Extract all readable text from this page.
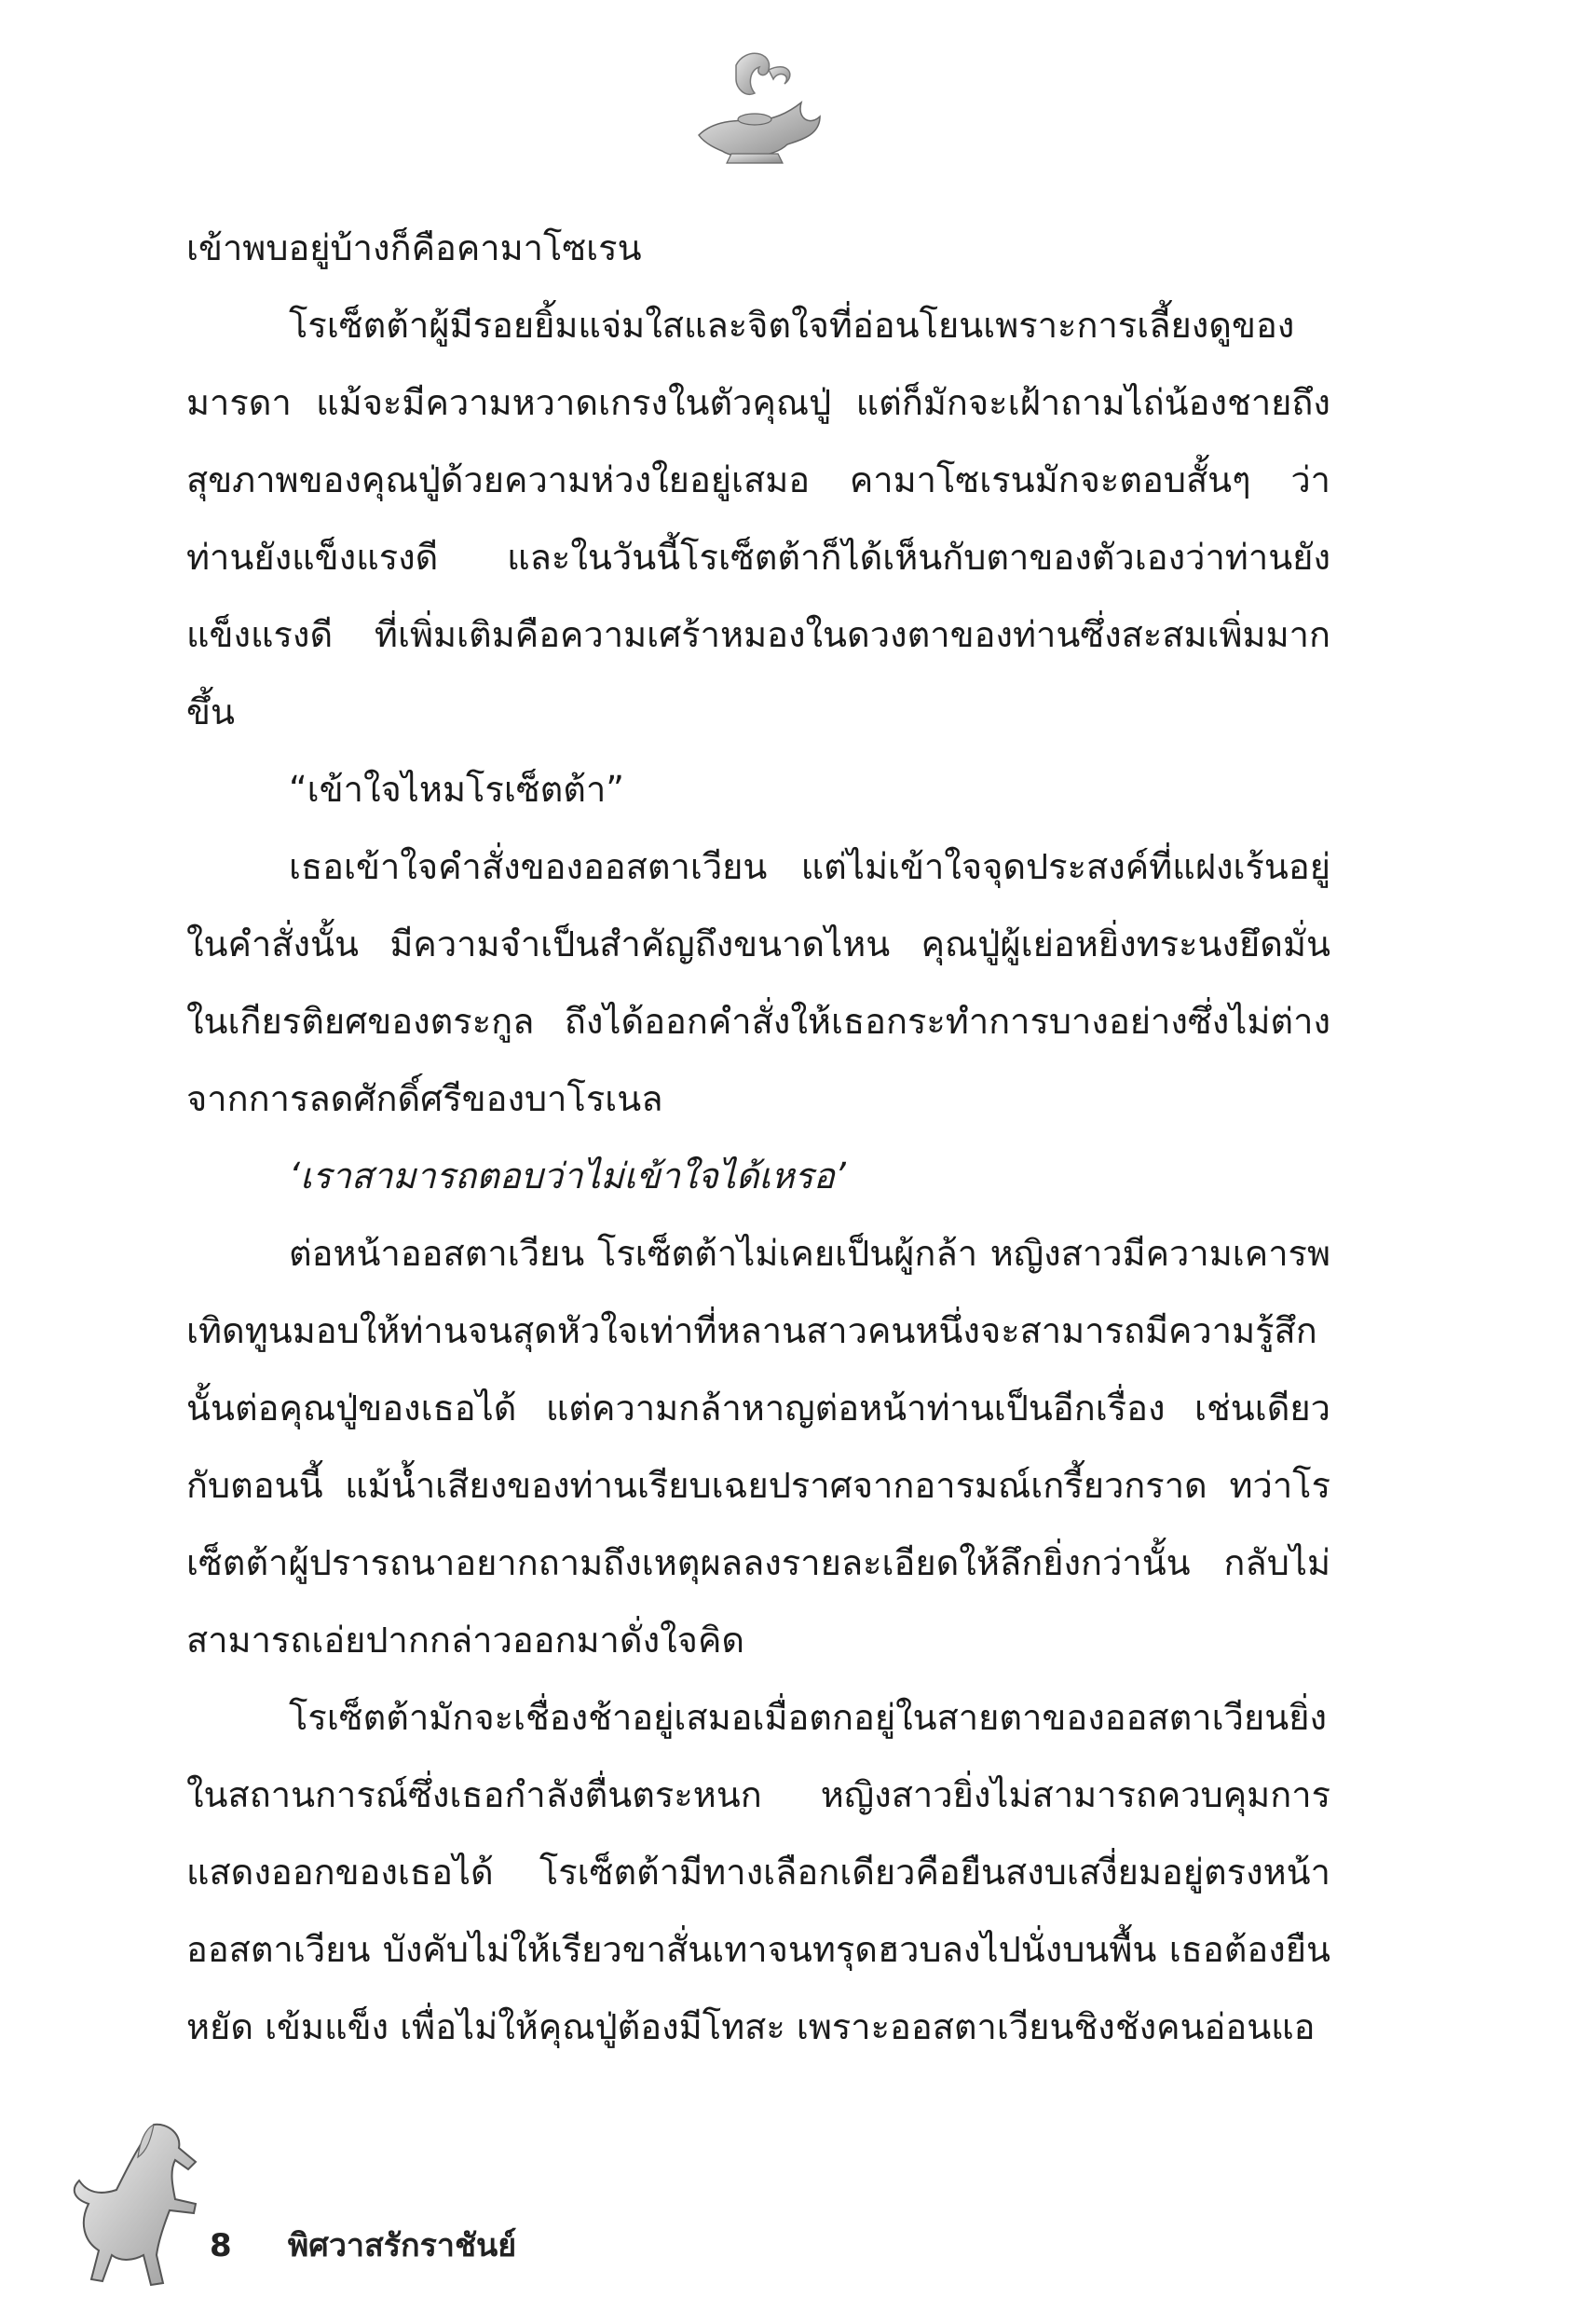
เข้าพบอยู่บ้างก็คือคามาโซเรน

โรเซ็ตต้าผู้มีรอยยิ้มแจ่มใสและจิตใจที่อ่อนโยนเพราะการเลี้ยงดูของมารดา แม้จะมีความหวาดเกรงในตัวคุณปู่ แต่ก็มักจะเฝ้าถามไถ่น้องชายถึงสุขภาพของคุณปู่ด้วยความห่วงใยอยู่เสมอ คามาโซเรนมักจะตอบสั้นๆ ว่าท่านยังแข็งแรงดี และในวันนี้โรเซ็ตต้าก็ได้เห็นกับตาของตัวเองว่าท่านยังแข็งแรงดี ที่เพิ่มเติมคือความเศร้าหมองในดวงตาของท่านซึ่งสะสมเพิ่มมากขึ้น

“เข้าใจไหมโรเซ็ตต้า”

เธอเข้าใจคำสั่งของออสตาเวียน แต่ไม่เข้าใจจุดประสงค์ที่แฝงเร้นอยู่ในคำสั่งนั้น มีความจำเป็นสำคัญถึงขนาดไหน คุณปู่ผู้เย่อหยิ่งทระนงยึดมั่นในเกียรติยศของตระกูล ถึงได้ออกคำสั่งให้เธอกระทำการบางอย่างซึ่งไม่ต่างจากการลดศักดิ์ศรีของบาโรเนล

‘เราสามารถตอบว่าไม่เข้าใจได้เหรอ’

ต่อหน้าออสตาเวียน โรเซ็ตต้าไม่เคยเป็นผู้กล้า หญิงสาวมีความเคารพเทิดทูนมอบให้ท่านจนสุดหัวใจเท่าที่หลานสาวคนหนึ่งจะสามารถมีความรู้สึกนั้นต่อคุณปู่ของเธอได้ แต่ความกล้าหาญต่อหน้าท่านเป็นอีกเรื่อง เช่นเดียวกับตอนนี้ แม้น้ำเสียงของท่านเรียบเฉยปราศจากอารมณ์เกรี้ยวกราด ทว่าโรเซ็ตต้าผู้ปรารถนาอยากถามถึงเหตุผลลงรายละเอียดให้ลึกยิ่งกว่านั้น กลับไม่สามารถเอ่ยปากกล่าวออกมาดั่งใจคิด

โรเซ็ตต้ามักจะเชื่องช้าอยู่เสมอเมื่อตกอยู่ในสายตาของออสตาเวียนยิ่งในสถานการณ์ซึ่งเธอกำลังตื่นตระหนก หญิงสาวยิ่งไม่สามารถควบคุมการแสดงออกของเธอได้ โรเซ็ตต้ามีทางเลือกเดียวคือยืนสงบเสงี่ยมอยู่ตรงหน้าออสตาเวียน บังคับไม่ให้เรียวขาสั่นเทาจนทรุดฮวบลงไปนั่งบนพื้น เธอต้องยืนหยัด เข้มแข็ง เพื่อไม่ให้คุณปู่ต้องมีโทสะ เพราะออสตาเวียนชิงชังคนอ่อนแอ

8 พิศวาสรักราชันย์
